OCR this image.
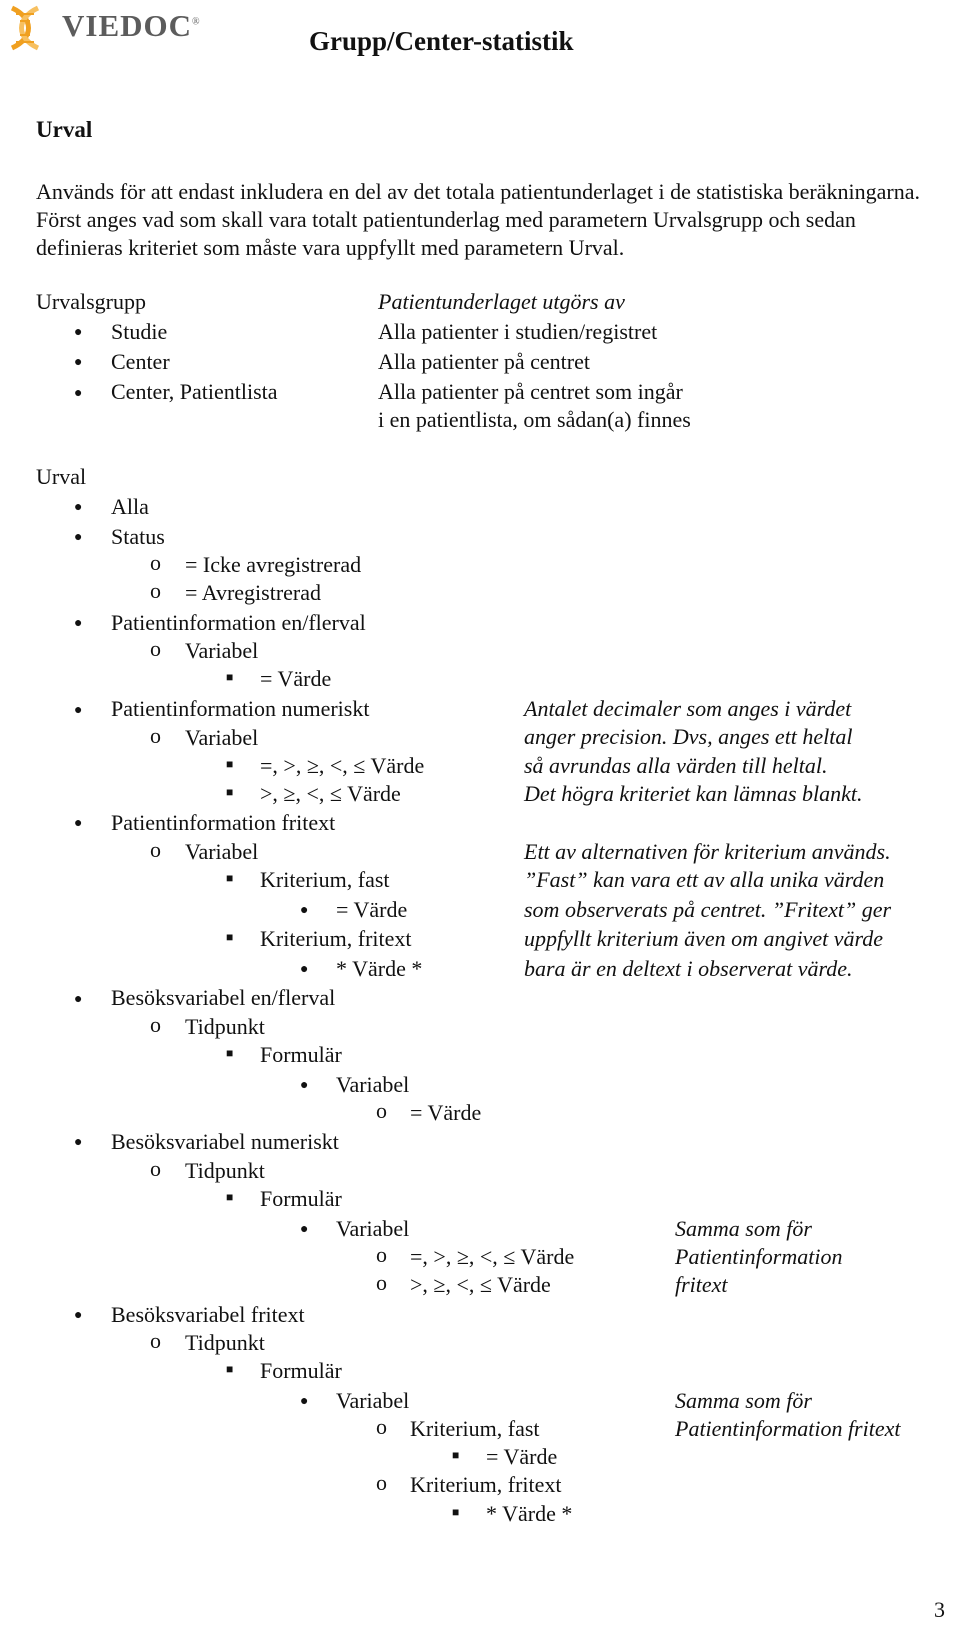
VIEDOC®
Grupp/Center-statistik
Urval
Används för att endast inkludera en del av det totala patientunderlaget i de statistiska beräkningarna. Först anges vad som skall vara totalt patientunderlag med parametern Urvalsgrupp och sedan definieras kriteriet som måste vara uppfyllt med parametern Urval.
Urvalsgrupp	Patientunderlaget utgörs av
● Studie	Alla patienter i studien/registret
● Center	Alla patienter på centret
● Center, Patientlista	Alla patienter på centret som ingår
i en patientlista, om sådan(a) finnes
Urval
● Alla
● Status
o = Icke avregistrerad
o = Avregistrerad
● Patientinformation en/flerval
o Variabel
■ = Värde
● Patientinformation numeriskt
o Variabel
■ =, >, ≥, <, ≤ Värde
■ >, ≥, <, ≤ Värde
Antalet decimaler som anges i värdet
anger precision. Dvs, anges ett heltal
så avrundas alla värden till heltal.
Det högra kriteriet kan lämnas blankt.
● Patientinformation fritext
o Variabel
■ Kriterium, fast
● = Värde
■ Kriterium, fritext
● * Värde *
Ett av alternativen för kriterium används.
”Fast” kan vara ett av alla unika värden
som observerats på centret. ”Fritext” ger
uppfyllt kriterium även om angivet värde
bara är en deltext i observerat värde.
● Besöksvariabel en/flerval
o Tidpunkt
■ Formulär
● Variabel
o = Värde
● Besöksvariabel numeriskt
o Tidpunkt
■ Formulär
● Variabel
o =, >, ≥, <, ≤ Värde
o >, ≥, <, ≤ Värde
Samma som för
Patientinformation
fritext
● Besöksvariabel fritext
o Tidpunkt
■ Formulär
● Variabel
o Kriterium, fast
■ = Värde
o Kriterium, fritext
■ * Värde *
Samma som för
Patientinformation fritext
3
